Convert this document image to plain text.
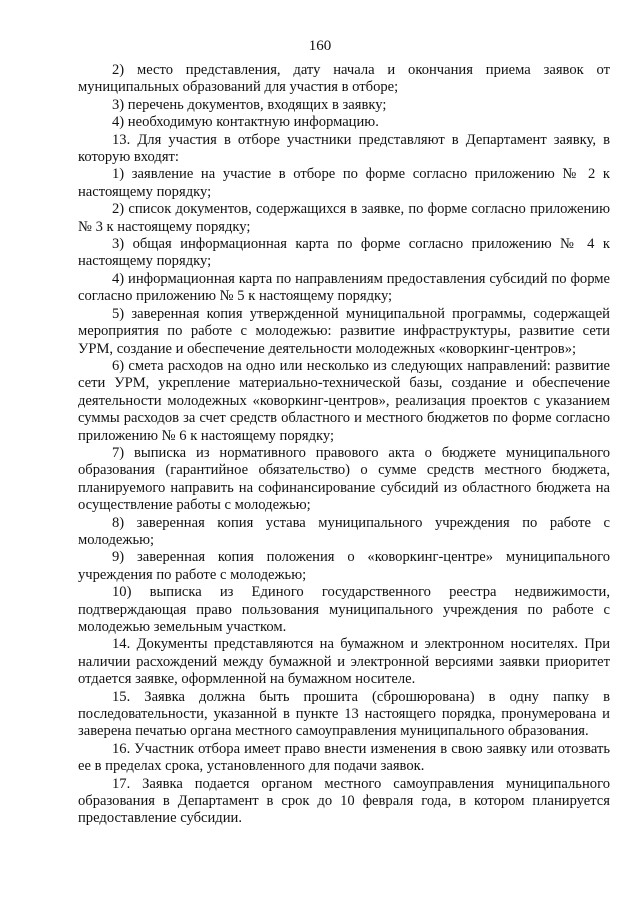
160

2) место представления, дату начала и окончания приема заявок от муниципальных образований для участия в отборе;

3) перечень документов, входящих в заявку;

4) необходимую контактную информацию.

13. Для участия в отборе участники представляют в Департамент заявку, в которую входят:

1) заявление на участие в отборе по форме согласно приложению № 2 к настоящему порядку;

2) список документов, содержащихся в заявке, по форме согласно приложению № 3 к настоящему порядку;

3) общая информационная карта по форме согласно приложению № 4 к настоящему порядку;

4) информационная карта по направлениям предоставления субсидий по форме согласно приложению № 5 к настоящему порядку;

5) заверенная копия утвержденной муниципальной программы, содержащей мероприятия по работе с молодежью: развитие инфраструктуры, развитие сети УРМ, создание и обеспечение деятельности молодежных «коворкинг-центров»;

6) смета расходов на одно или несколько из следующих направлений: развитие сети УРМ, укрепление материально-технической базы, создание и обеспечение деятельности молодежных «коворкинг-центров», реализация проектов с указанием суммы расходов за счет средств областного и местного бюджетов по форме согласно приложению № 6 к настоящему порядку;

7) выписка из нормативного правового акта о бюджете муниципального образования (гарантийное обязательство) о сумме средств местного бюджета, планируемого направить на софинансирование субсидий из областного бюджета на осуществление работы с молодежью;

8) заверенная копия устава муниципального учреждения по работе с молодежью;

9) заверенная копия положения о «коворкинг-центре» муниципального учреждения по работе с молодежью;

10) выписка из Единого государственного реестра недвижимости, подтверждающая право пользования муниципального учреждения по работе с молодежью земельным участком.

14. Документы представляются на бумажном и электронном носителях. При наличии расхождений между бумажной и электронной версиями заявки приоритет отдается заявке, оформленной на бумажном носителе.

15. Заявка должна быть прошита (сброшюрована) в одну папку в последовательности, указанной в пункте 13 настоящего порядка, пронумерована и заверена печатью органа местного самоуправления муниципального образования.

16. Участник отбора имеет право внести изменения в свою заявку или отозвать ее в пределах срока, установленного для подачи заявок.

17. Заявка подается органом местного самоуправления муниципального образования в Департамент в срок до 10 февраля года, в котором планируется предоставление субсидии.
